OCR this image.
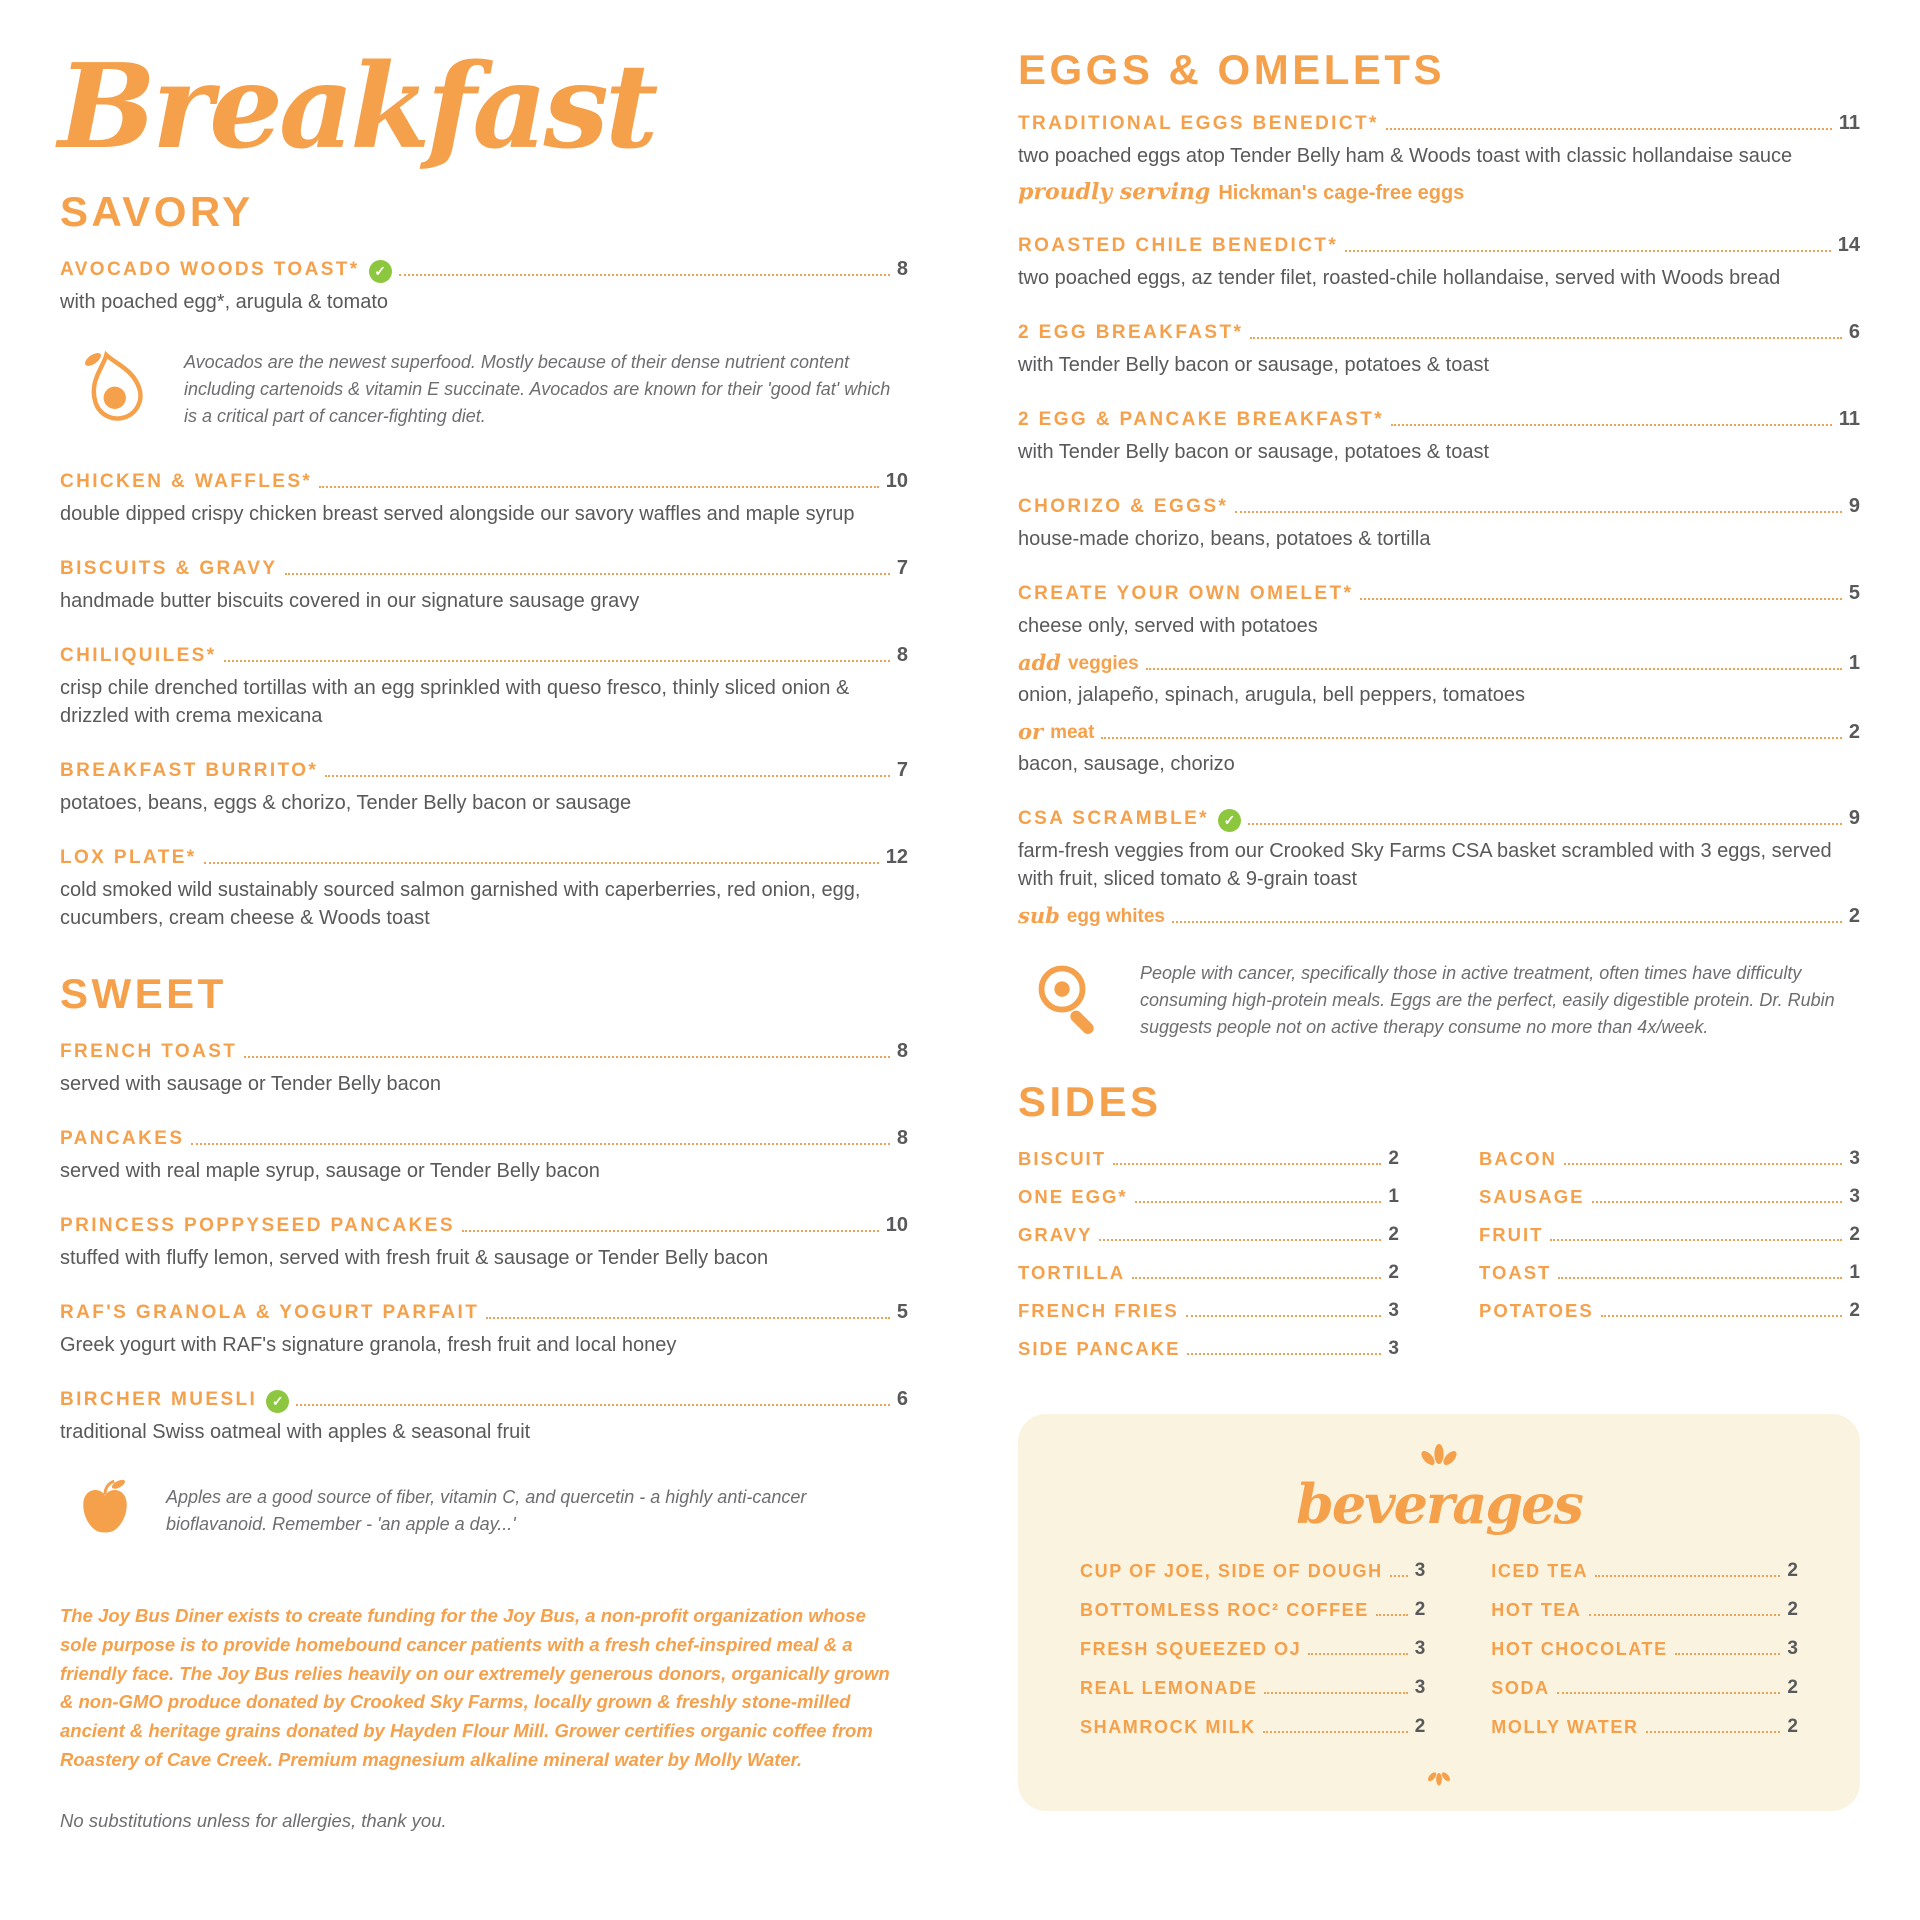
Breakfast
SAVORY
AVOCADO WOODS TOAST*	✓	8
with poached egg*, arugula & tomato
Avocados are the newest superfood. Mostly because of their dense nutrient content including cartenoids & vitamin E succinate. Avocados are known for their 'good fat' which is a critical part of cancer-fighting diet.
CHICKEN & WAFFLES*	10
double dipped crispy chicken breast served alongside our savory waffles and maple syrup
BISCUITS & GRAVY	7
handmade butter biscuits covered in our signature sausage gravy
CHILIQUILES*	8
crisp chile drenched tortillas with an egg sprinkled with queso fresco, thinly sliced onion & drizzled with crema mexicana
BREAKFAST BURRITO*	7
potatoes, beans, eggs & chorizo, Tender Belly bacon or sausage
LOX PLATE*	12
cold smoked wild sustainably sourced salmon garnished with caperberries, red onion, egg, cucumbers, cream cheese & Woods toast
SWEET
FRENCH TOAST	8
served with sausage or Tender Belly bacon
PANCAKES	8
served with real maple syrup, sausage or Tender Belly bacon
PRINCESS POPPYSEED PANCAKES	10
stuffed with fluffy lemon, served with fresh fruit & sausage or Tender Belly bacon
RAF'S GRANOLA & YOGURT PARFAIT	5
Greek yogurt with RAF's signature granola, fresh fruit and local honey
BIRCHER MUESLI	✓	6
traditional Swiss oatmeal with apples & seasonal fruit
Apples are a good source of fiber, vitamin C, and quercetin - a highly anti-cancer bioflavanoid. Remember - 'an apple a day...'
The Joy Bus Diner exists to create funding for the Joy Bus, a non-profit organization whose sole purpose is to provide homebound cancer patients with a fresh chef-inspired meal & a friendly face. The Joy Bus relies heavily on our extremely generous donors, organically grown & non-GMO produce donated by Crooked Sky Farms, locally grown & freshly stone-milled ancient & heritage grains donated by Hayden Flour Mill. Grower certifies organic coffee from Roastery of Cave Creek. Premium magnesium alkaline mineral water by Molly Water.
No substitutions unless for allergies, thank you.
EGGS & OMELETS
TRADITIONAL EGGS BENEDICT*	11
two poached eggs atop Tender Belly ham & Woods toast with classic hollandaise sauce
proudly serving Hickman's cage-free eggs
ROASTED CHILE BENEDICT*	14
two poached eggs, az tender filet, roasted-chile hollandaise, served with Woods bread
2 EGG BREAKFAST*	6
with Tender Belly bacon or sausage, potatoes & toast
2 EGG & PANCAKE BREAKFAST*	11
with Tender Belly bacon or sausage, potatoes & toast
CHORIZO & EGGS*	9
house-made chorizo, beans, potatoes & tortilla
CREATE YOUR OWN OMELET*	5
cheese only, served with potatoes
add veggies	1
onion, jalapeño, spinach, arugula, bell peppers, tomatoes
or meat	2
bacon, sausage, chorizo
CSA SCRAMBLE*	✓	9
farm-fresh veggies from our Crooked Sky Farms CSA basket scrambled with 3 eggs, served with fruit, sliced tomato & 9-grain toast
sub egg whites	2
People with cancer, specifically those in active treatment, often times have difficulty consuming high-protein meals. Eggs are the perfect, easily digestible protein. Dr. Rubin suggests people not on active therapy consume no more than 4x/week.
SIDES
BISCUIT	2
ONE EGG*	1
GRAVY	2
TORTILLA	2
FRENCH FRIES	3
SIDE PANCAKE	3
BACON	3
SAUSAGE	3
FRUIT	2
TOAST	1
POTATOES	2
beverages
CUP OF JOE, SIDE OF DOUGH 3
BOTTOMLESS ROC² COFFEE 2
FRESH SQUEEZED OJ	3
REAL LEMONADE	3
SHAMROCK MILK	2
ICED TEA	2
HOT TEA	2
HOT CHOCOLATE	3
SODA	2
MOLLY WATER	2
